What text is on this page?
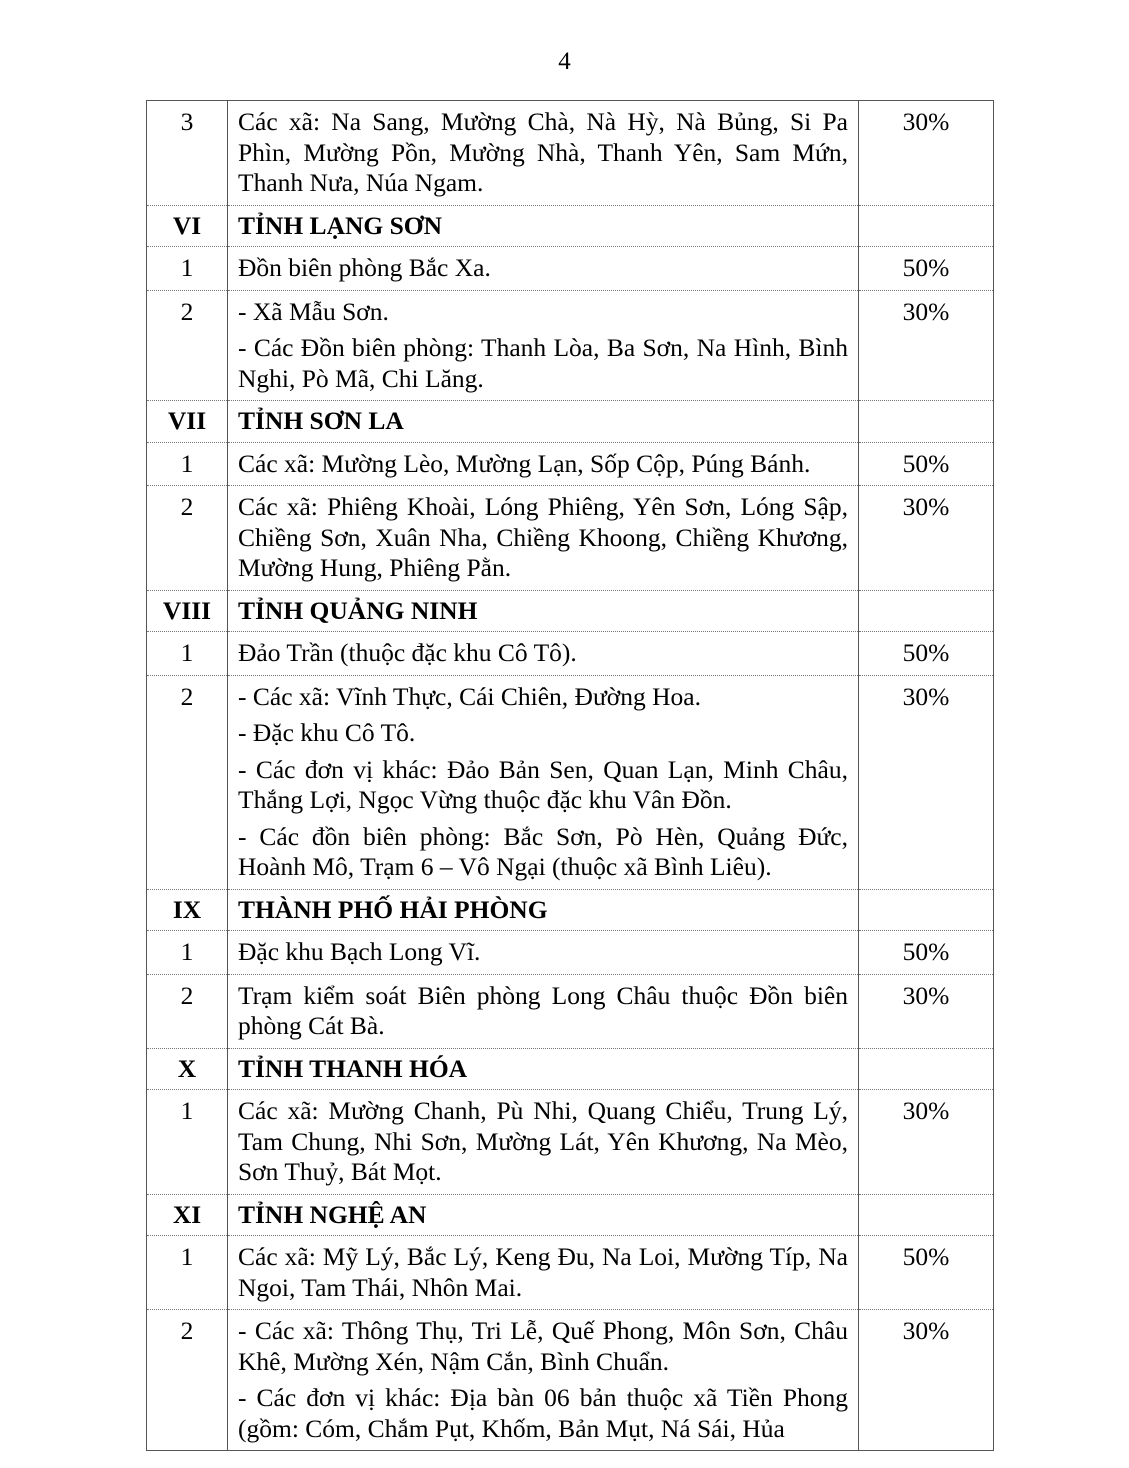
4
3	Các xã: Na Sang, Mường Chà, Nà Hỳ, Nà Bủng, Si Pa Phìn, Mường Pồn, Mường Nhà, Thanh Yên, Sam Mứn, Thanh Nưa, Núa Ngam.	30%
VI	TỈNH LẠNG SƠN	
1	Đồn biên phòng Bắc Xa.	50%
2	- Xã Mẫu Sơn.

- Các Đồn biên phòng: Thanh Lòa, Ba Sơn, Na Hình, Bình Nghi, Pò Mã, Chi Lăng.	30%
VII	TỈNH SƠN LA	
1	Các xã: Mường Lèo, Mường Lạn, Sốp Cộp, Púng Bánh.	50%
2	Các xã: Phiêng Khoài, Lóng Phiêng, Yên Sơn, Lóng Sập, Chiềng Sơn, Xuân Nha, Chiềng Khoong, Chiềng Khương, Mường Hung, Phiêng Pằn.	30%
VIII	TỈNH QUẢNG NINH	
1	Đảo Trần (thuộc đặc khu Cô Tô).	50%
2	- Các xã: Vĩnh Thực, Cái Chiên, Đường Hoa.

- Đặc khu Cô Tô.

- Các đơn vị khác: Đảo Bản Sen, Quan Lạn, Minh Châu, Thắng Lợi, Ngọc Vừng thuộc đặc khu Vân Đồn.

- Các đồn biên phòng: Bắc Sơn, Pò Hèn, Quảng Đức, Hoành Mô, Trạm 6 – Vô Ngại (thuộc xã Bình Liêu).	30%
IX	THÀNH PHỐ HẢI PHÒNG	
1	Đặc khu Bạch Long Vĩ.	50%
2	Trạm kiểm soát Biên phòng Long Châu thuộc Đồn biên phòng Cát Bà.	30%
X	TỈNH THANH HÓA	
1	Các xã: Mường Chanh, Pù Nhi, Quang Chiểu, Trung Lý, Tam Chung, Nhi Sơn, Mường Lát, Yên Khương, Na Mèo, Sơn Thuỷ, Bát Mọt.	30%
XI	TỈNH NGHỆ AN	
1	Các xã: Mỹ Lý, Bắc Lý, Keng Đu, Na Loi, Mường Típ, Na Ngoi, Tam Thái, Nhôn Mai.	50%
2	- Các xã: Thông Thụ, Tri Lễ, Quế Phong, Môn Sơn, Châu Khê, Mường Xén, Nậm Cắn, Bình Chuẩn.

- Các đơn vị khác: Địa bàn 06 bản thuộc xã Tiền Phong (gồm: Cóm, Chắm Pụt, Khốm, Bản Mụt, Ná Sái, Hủa	30%
